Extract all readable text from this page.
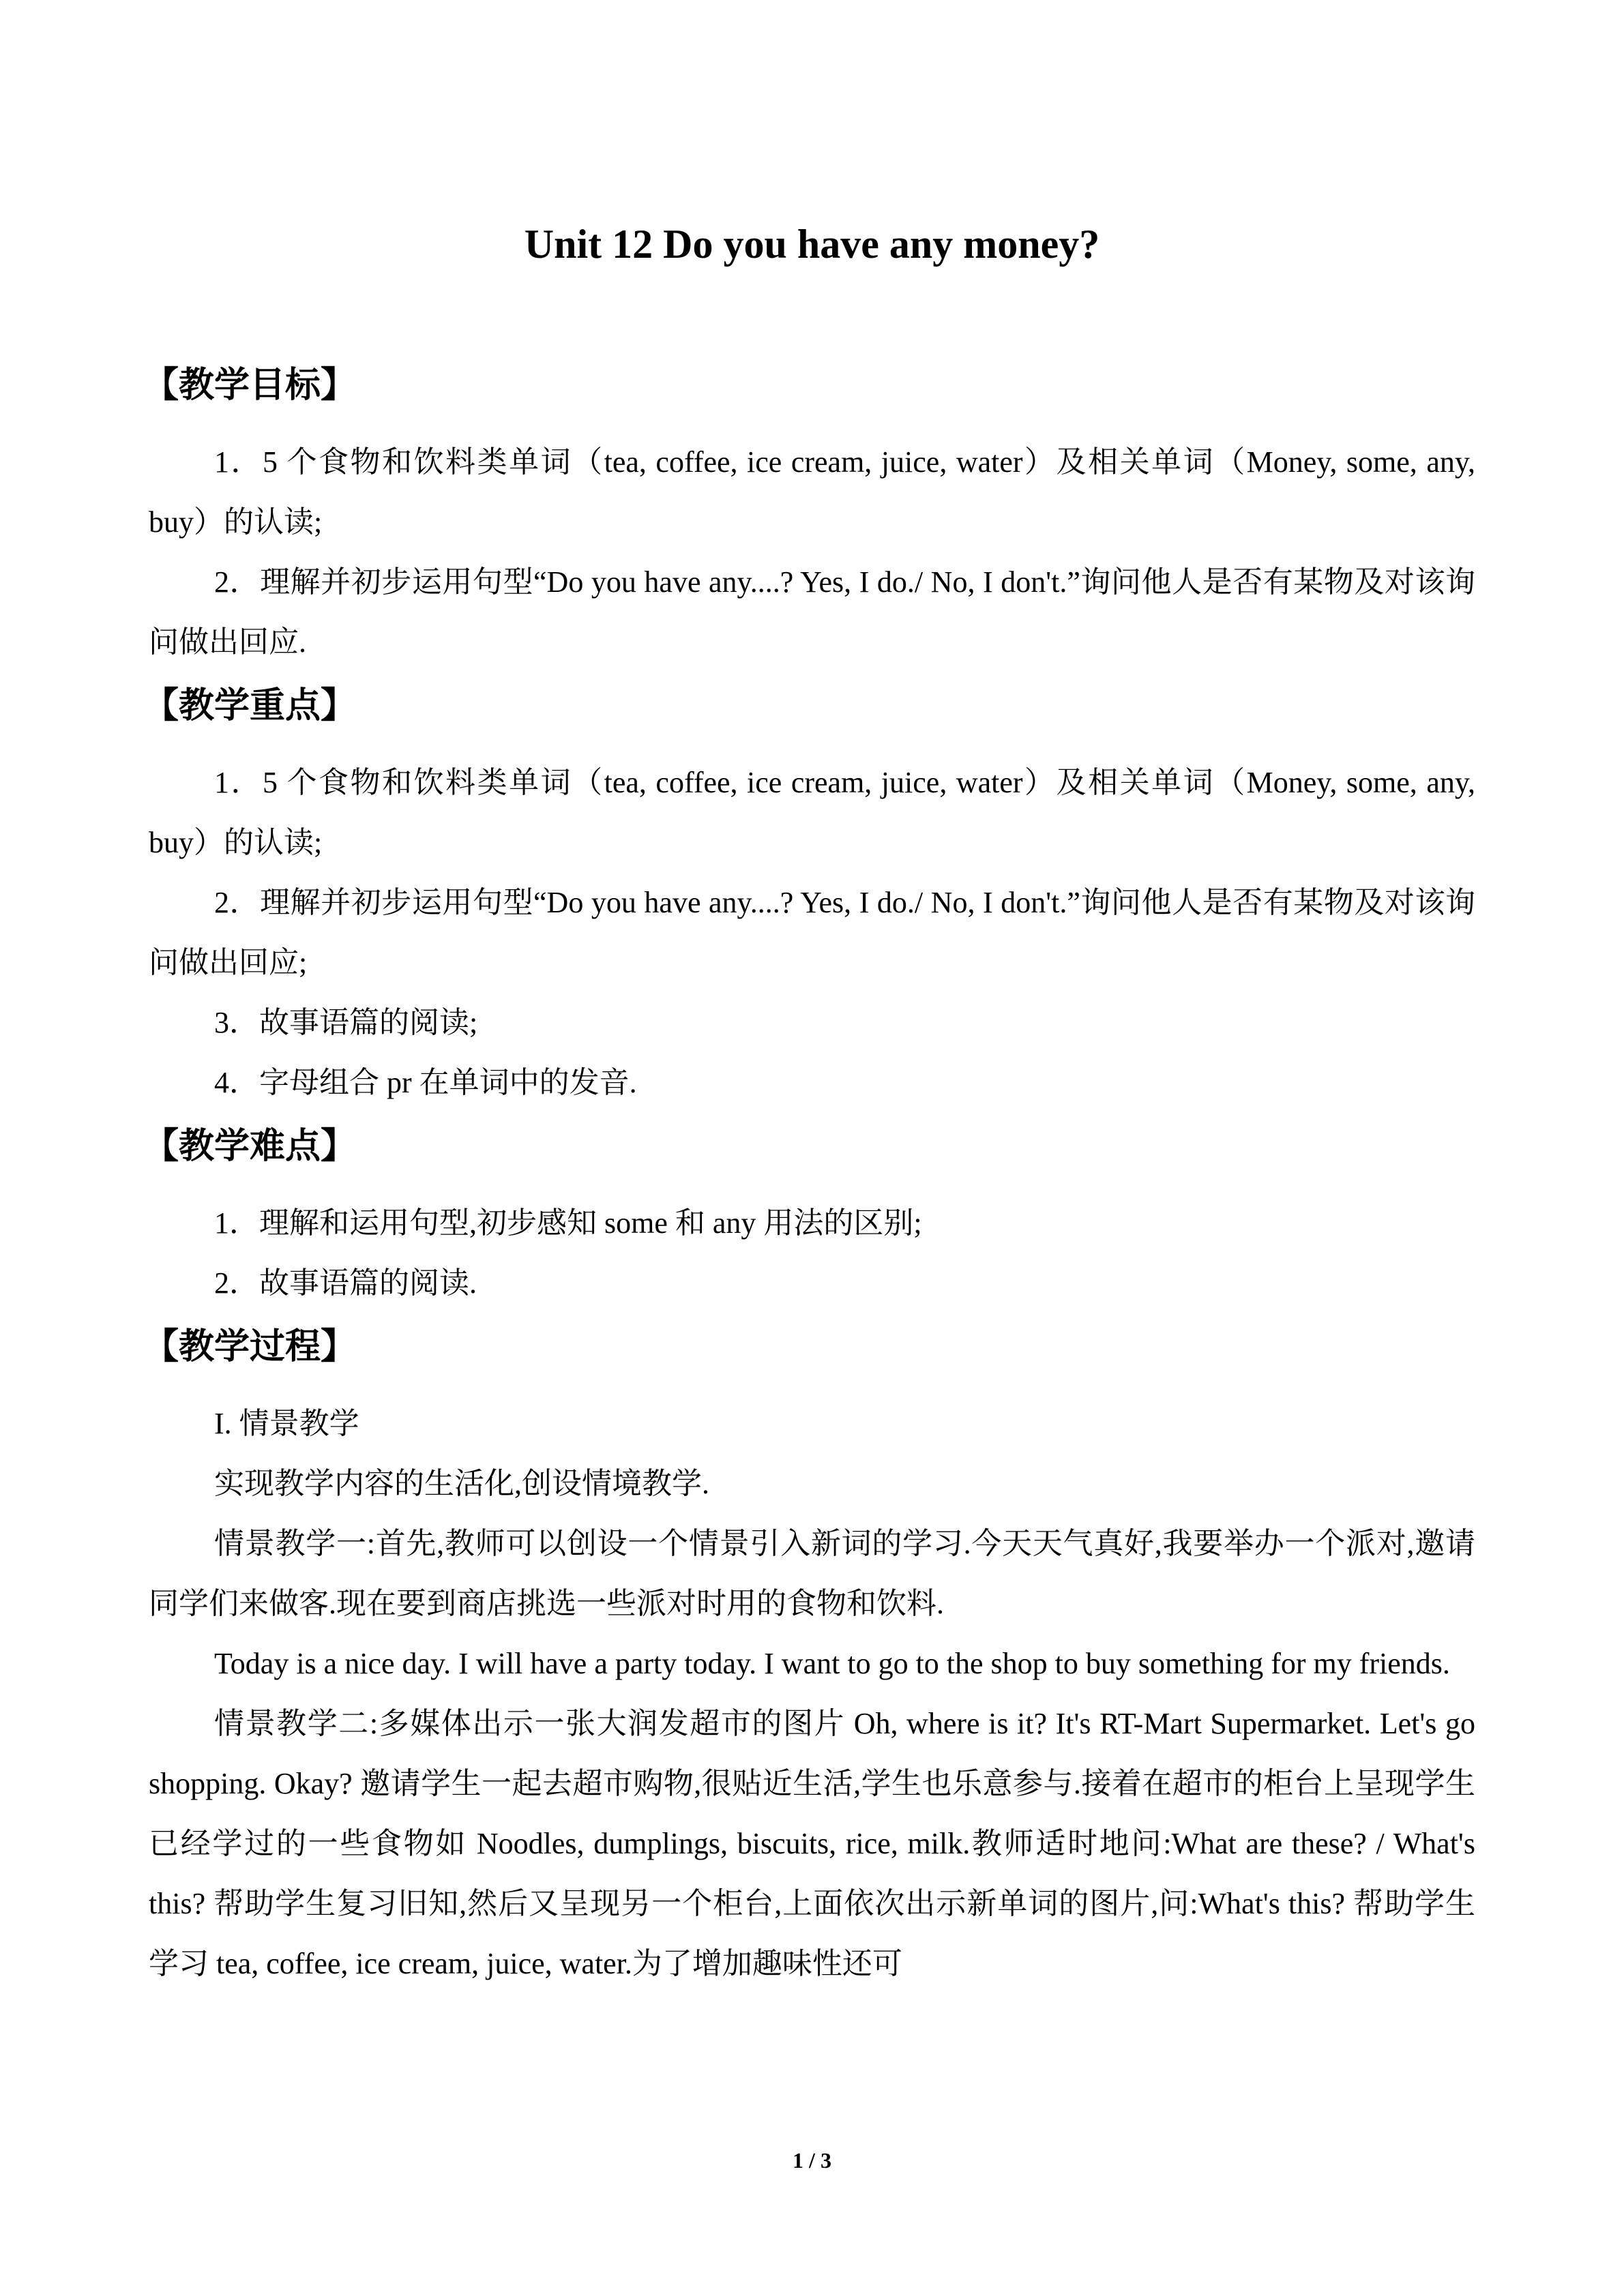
Unit 12 Do you have any money?
【教学目标】

1．5 个食物和饮料类单词（tea, coffee, ice cream, juice, water）及相关单词（Money, some, any, buy）的认读;

2．理解并初步运用句型“Do you have any....? Yes, I do./ No, I don't.”询问他人是否有某物及对该询问做出回应.

【教学重点】

1．5 个食物和饮料类单词（tea, coffee, ice cream, juice, water）及相关单词（Money, some, any, buy）的认读;

2．理解并初步运用句型“Do you have any....? Yes, I do./ No, I don't.”询问他人是否有某物及对该询问做出回应;

3．故事语篇的阅读;

4．字母组合 pr 在单词中的发音.

【教学难点】

1．理解和运用句型,初步感知 some 和 any 用法的区别;

2．故事语篇的阅读.

【教学过程】

I. 情景教学

实现教学内容的生活化,创设情境教学.

情景教学一:首先,教师可以创设一个情景引入新词的学习.今天天气真好,我要举办一个派对,邀请同学们来做客.现在要到商店挑选一些派对时用的食物和饮料.

Today is a nice day. I will have a party today. I want to go to the shop to buy something for my friends.

情景教学二:多媒体出示一张大润发超市的图片 Oh, where is it? It's RT-Mart Supermarket. Let's go shopping. Okay? 邀请学生一起去超市购物,很贴近生活,学生也乐意参与.接着在超市的柜台上呈现学生已经学过的一些食物如 Noodles, dumplings, biscuits, rice, milk.教师适时地问:What are these? / What's this? 帮助学生复习旧知,然后又呈现另一个柜台,上面依次出示新单词的图片,问:What's this? 帮助学生学习 tea, coffee, ice cream, juice, water.为了增加趣味性还可

1 / 3
